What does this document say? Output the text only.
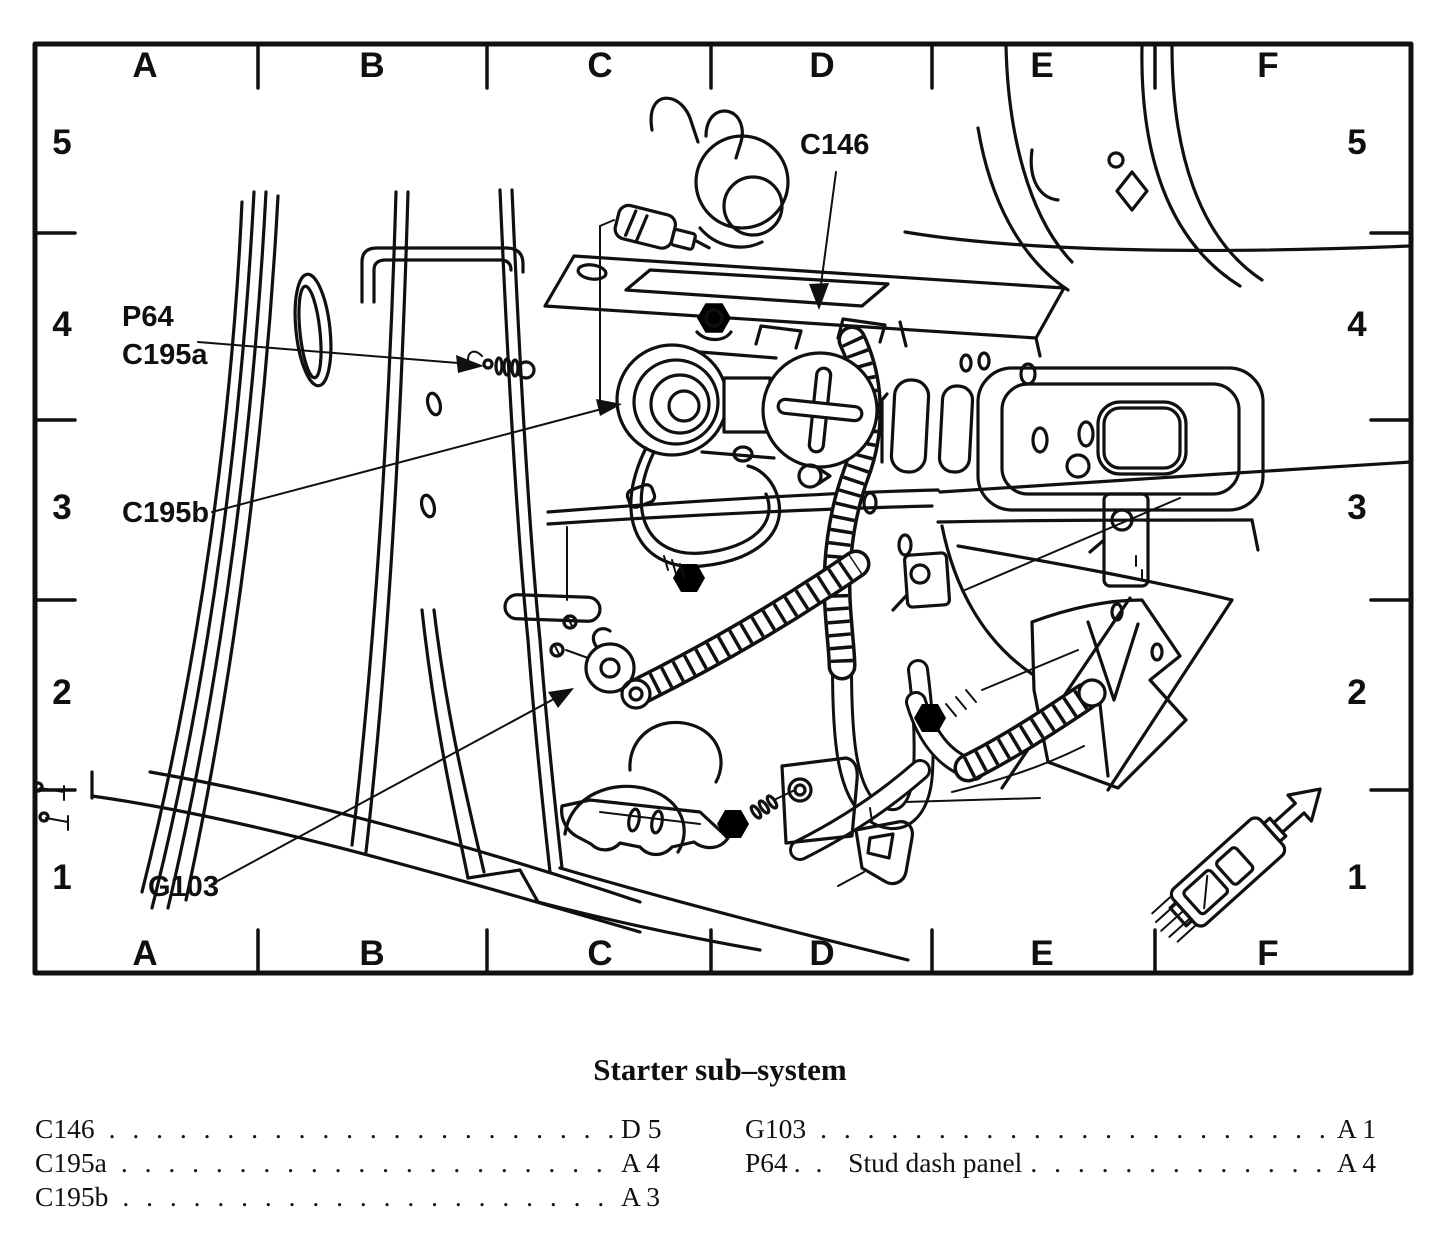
A	B	C	D	E	F
A	B	C	D	E	F
5
4
3
2
1
5
4
3
2
1
C146
P64
C195a
C195b
G103
Starter sub–system
C146 . . .	D 5
C195a . . .	A 4
C195b . . .	A 3
G103 . . .	A 1
P64	. .  Stud dash panel . . .	A 4
